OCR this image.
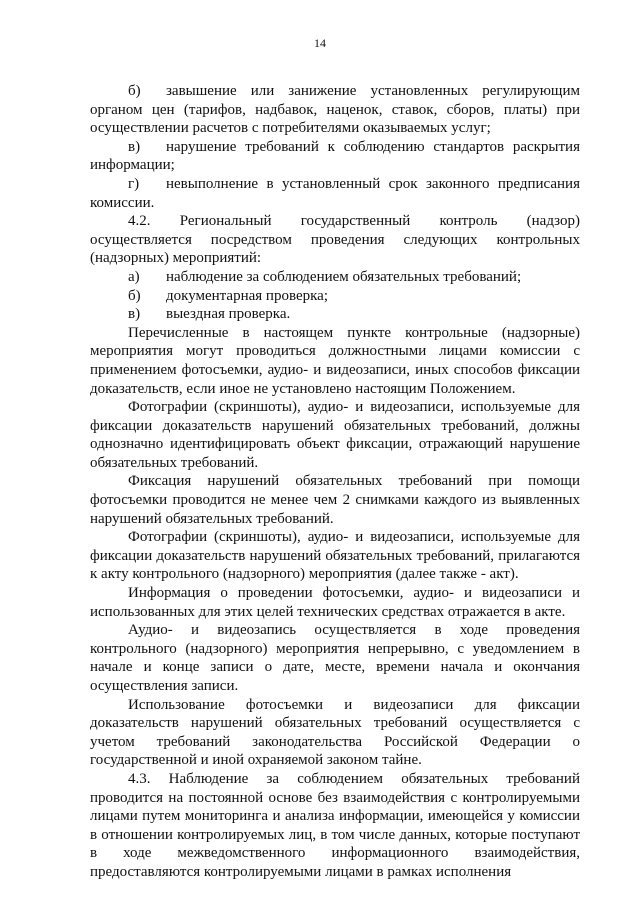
14

б) завышение или занижение установленных регулирующим органом цен (тарифов, надбавок, наценок, ставок, сборов, платы) при осуществлении расчетов с потребителями оказываемых услуг;

в) нарушение требований к соблюдению стандартов раскрытия информации;

г) невыполнение в установленный срок законного предписания комиссии.

4.2. Региональный государственный контроль (надзор) осуществляется посредством проведения следующих контрольных (надзорных) мероприятий:

а) наблюдение за соблюдением обязательных требований;

б) документарная проверка;

в) выездная проверка.

Перечисленные в настоящем пункте контрольные (надзорные) мероприятия могут проводиться должностными лицами комиссии с применением фотосъемки, аудио- и видеозаписи, иных способов фиксации доказательств, если иное не установлено настоящим Положением.

Фотографии (скриншоты), аудио- и видеозаписи, используемые для фиксации доказательств нарушений обязательных требований, должны однозначно идентифицировать объект фиксации, отражающий нарушение обязательных требований.

Фиксация нарушений обязательных требований при помощи фотосъемки проводится не менее чем 2 снимками каждого из выявленных нарушений обязательных требований.

Фотографии (скриншоты), аудио- и видеозаписи, используемые для фиксации доказательств нарушений обязательных требований, прилагаются к акту контрольного (надзорного) мероприятия (далее также - акт).

Информация о проведении фотосъемки, аудио- и видеозаписи и использованных для этих целей технических средствах отражается в акте.

Аудио- и видеозапись осуществляется в ходе проведения контрольного (надзорного) мероприятия непрерывно, с уведомлением в начале и конце записи о дате, месте, времени начала и окончания осуществления записи.

Использование фотосъемки и видеозаписи для фиксации доказательств нарушений обязательных требований осуществляется с учетом требований законодательства Российской Федерации о государственной и иной охраняемой законом тайне.

4.3. Наблюдение за соблюдением обязательных требований проводится на постоянной основе без взаимодействия с контролируемыми лицами путем мониторинга и анализа информации, имеющейся у комиссии в отношении контролируемых лиц, в том числе данных, которые поступают в ходе межведомственного информационного взаимодействия, предоставляются контролируемыми лицами в рамках исполнения
